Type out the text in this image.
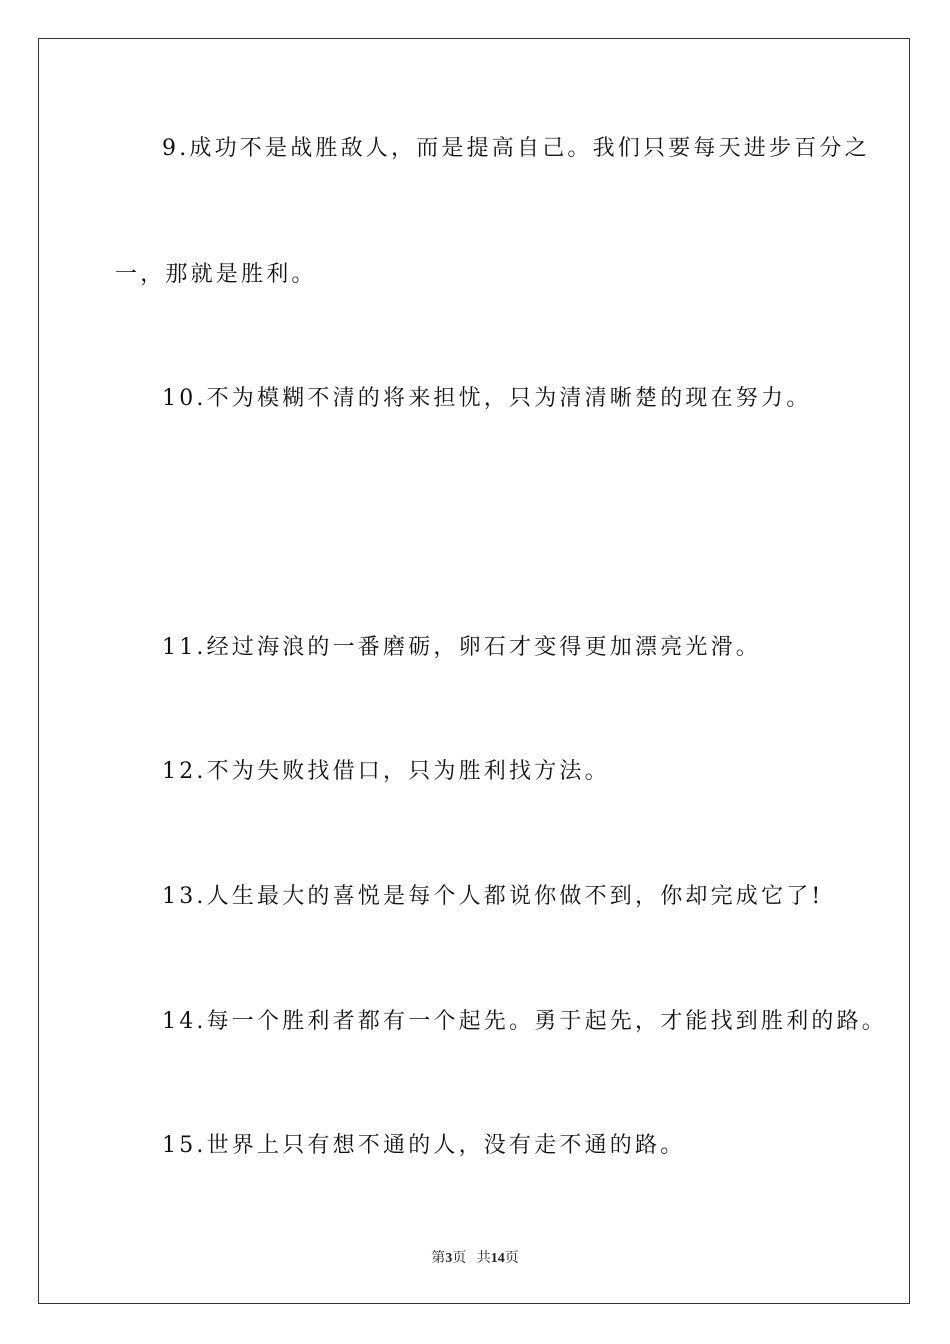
9.成功不是战胜敌人，而是提高自己。我们只要每天进步百分之
一，那就是胜利。
10.不为模糊不清的将来担忧，只为清清晰楚的现在努力。
11.经过海浪的一番磨砺，卵石才变得更加漂亮光滑。
12.不为失败找借口，只为胜利找方法。
13.人生最大的喜悦是每个人都说你做不到，你却完成它了!
14.每一个胜利者都有一个起先。勇于起先，才能找到胜利的路。
15.世界上只有想不通的人，没有走不通的路。
第3页 共14页
